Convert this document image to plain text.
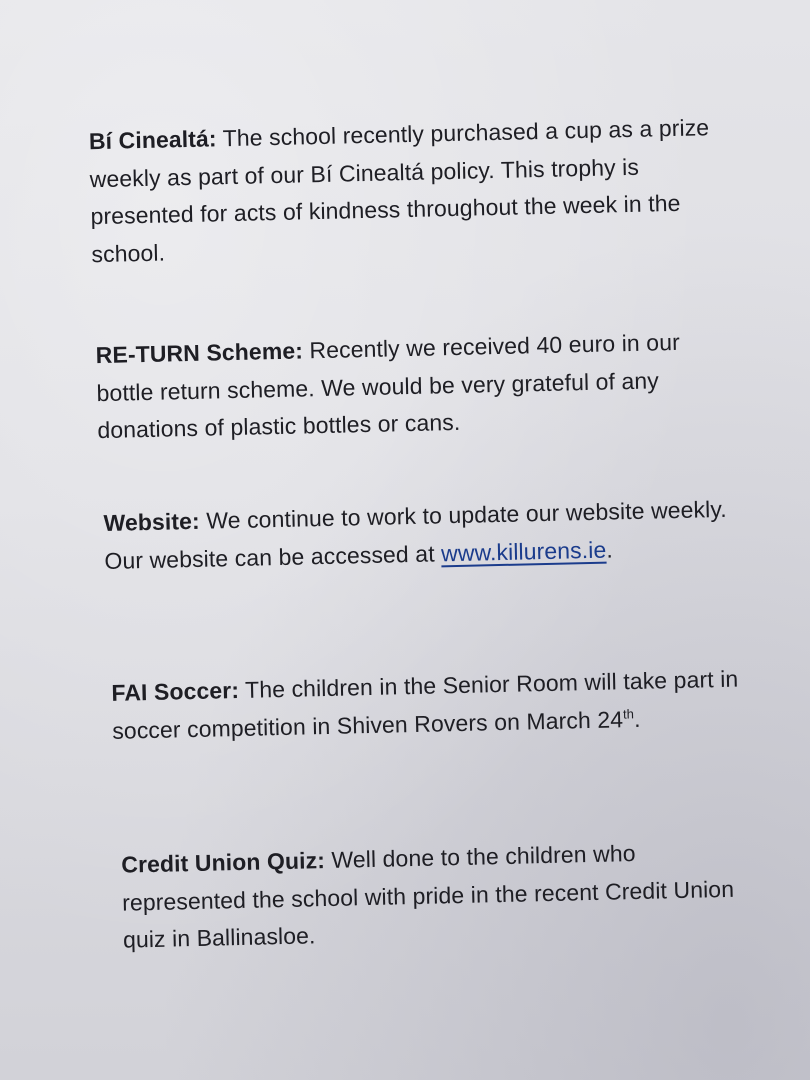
Bí Cinealtá: The school recently purchased a cup as a prize weekly as part of our Bí Cinealtá policy. This trophy is presented for acts of kindness throughout the week in the school.

RE-TURN Scheme: Recently we received 40 euro in our bottle return scheme. We would be very grateful of any donations of plastic bottles or cans.

Website: We continue to work to update our website weekly. Our website can be accessed at www.killurens.ie.

FAI Soccer: The children in the Senior Room will take part in soccer competition in Shiven Rovers on March 24th.

Credit Union Quiz: Well done to the children who represented the school with pride in the recent Credit Union quiz in Ballinasloe.
